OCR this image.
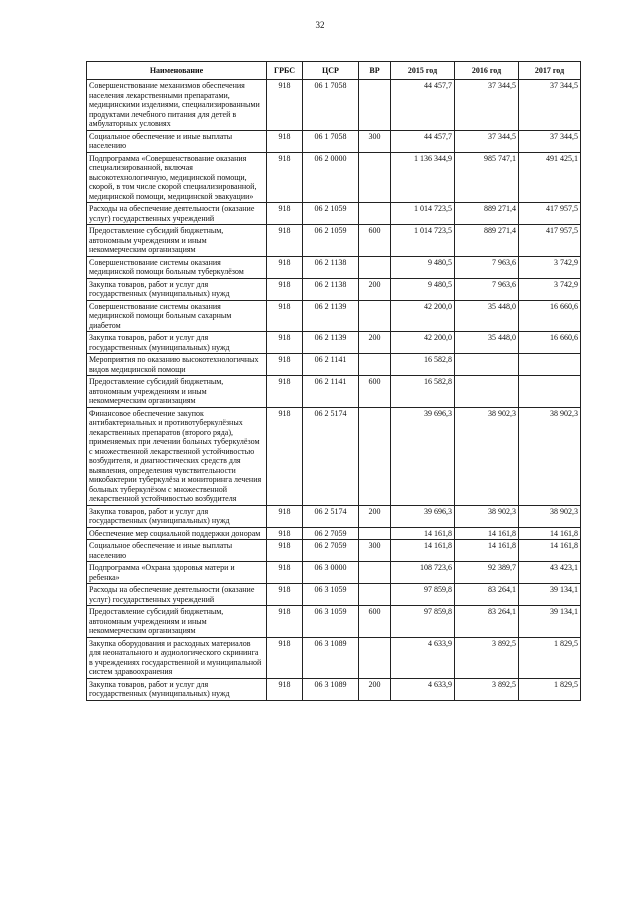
32
Наименование	ГРБС	ЦСР	ВР	2015 год	2016 год	2017 год
Совершенствование механизмов обеспечения населения лекарственными препаратами, медицинскими изделиями, специализированными продуктами лечебного питания для детей в амбулаторных условиях	918	06 1 7058		44 457,7	37 344,5	37 344,5
Социальное обеспечение и иные выплаты населению	918	06 1 7058	300	44 457,7	37 344,5	37 344,5
Подпрограмма «Совершенствование оказания специализированной, включая высокотехнологичную, медицинской помощи, скорой, в том числе скорой специализированной, медицинской помощи, медицинской эвакуации»	918	06 2 0000		1 136 344,9	985 747,1	491 425,1
Расходы на обеспечение деятельности (оказание услуг) государственных учреждений	918	06 2 1059		1 014 723,5	889 271,4	417 957,5
Предоставление субсидий бюджетным, автономным учреждениям и иным некоммерческим организациям	918	06 2 1059	600	1 014 723,5	889 271,4	417 957,5
Совершенствование системы оказания медицинской помощи больным туберкулёзом	918	06 2 1138		9 480,5	7 963,6	3 742,9
Закупка товаров, работ и услуг для государственных (муниципальных) нужд	918	06 2 1138	200	9 480,5	7 963,6	3 742,9
Совершенствование системы оказания медицинской помощи больным сахарным диабетом	918	06 2 1139		42 200,0	35 448,0	16 660,6
Закупка товаров, работ и услуг для государственных (муниципальных) нужд	918	06 2 1139	200	42 200,0	35 448,0	16 660,6
Мероприятия по оказанию высокотехнологичных видов медицинской помощи	918	06 2 1141		16 582,8		
Предоставление субсидий бюджетным, автономным учреждениям и иным некоммерческим организациям	918	06 2 1141	600	16 582,8		
Финансовое обеспечение закупок антибактериальных и противотуберкулёзных лекарственных препаратов (второго ряда), применяемых при лечении больных туберкулёзом с множественной лекарственной устойчивостью возбудителя, и диагностических средств для выявления, определения чувствительности микобактерии туберкулёза и мониторинга лечения больных туберкулёзом с множественной лекарственной устойчивостью возбудителя	918	06 2 5174		39 696,3	38 902,3	38 902,3
Закупка товаров, работ и услуг для государственных (муниципальных) нужд	918	06 2 5174	200	39 696,3	38 902,3	38 902,3
Обеспечение мер социальной поддержки донорам	918	06 2 7059		14 161,8	14 161,8	14 161,8
Социальное обеспечение и иные выплаты населению	918	06 2 7059	300	14 161,8	14 161,8	14 161,8
Подпрограмма «Охрана здоровья матери и ребенка»	918	06 3 0000		108 723,6	92 389,7	43 423,1
Расходы на обеспечение деятельности (оказание услуг) государственных учреждений	918	06 3 1059		97 859,8	83 264,1	39 134,1
Предоставление субсидий бюджетным, автономным учреждениям и иным некоммерческим организациям	918	06 3 1059	600	97 859,8	83 264,1	39 134,1
Закупка оборудования и расходных материалов для неонатального и аудиологического скрининга в учреждениях государственной и муниципальной систем здравоохранения	918	06 3 1089		4 633,9	3 892,5	1 829,5
Закупка товаров, работ и услуг для государственных (муниципальных) нужд	918	06 3 1089	200	4 633,9	3 892,5	1 829,5
